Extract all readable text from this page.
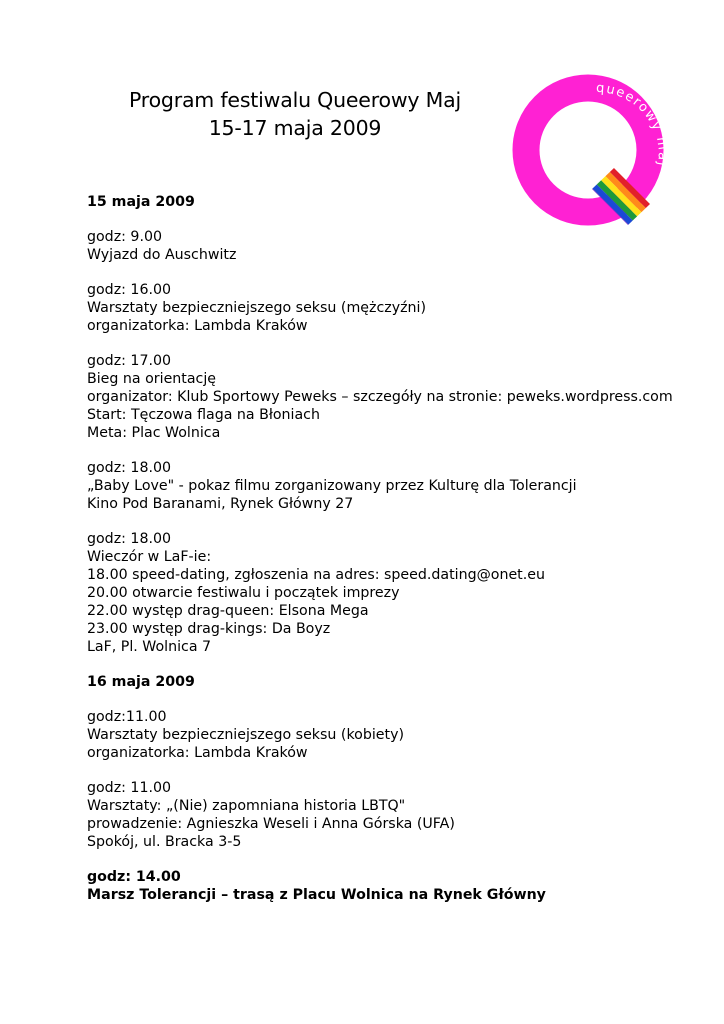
Program festiwalu Queerowy Maj
15-17 maja 2009
queerowy maj
15 maja 2009
godz: 9.00
Wyjazd do Auschwitz
godz: 16.00
Warsztaty bezpieczniejszego seksu (mężczyźni)
organizatorka: Lambda Kraków
godz: 17.00
Bieg na orientację
organizator: Klub Sportowy Peweks – szczegóły na stronie: peweks.wordpress.com
Start: Tęczowa flaga na Błoniach
Meta: Plac Wolnica
godz: 18.00
„Baby Love" - pokaz filmu zorganizowany przez Kulturę dla Tolerancji
Kino Pod Baranami, Rynek Główny 27
godz: 18.00
Wieczór w LaF-ie:
18.00 speed-dating, zgłoszenia na adres: speed.dating@onet.eu
20.00 otwarcie festiwalu i początek imprezy
22.00 występ drag-queen: Elsona Mega
23.00 występ drag-kings: Da Boyz
LaF, Pl. Wolnica 7
16 maja 2009
godz:11.00
Warsztaty bezpieczniejszego seksu (kobiety)
organizatorka: Lambda Kraków
godz: 11.00
Warsztaty: „(Nie) zapomniana historia LBTQ"
prowadzenie: Agnieszka Weseli i Anna Górska (UFA)
Spokój, ul. Bracka 3-5
godz: 14.00
Marsz Tolerancji – trasą z Placu Wolnica na Rynek Główny
